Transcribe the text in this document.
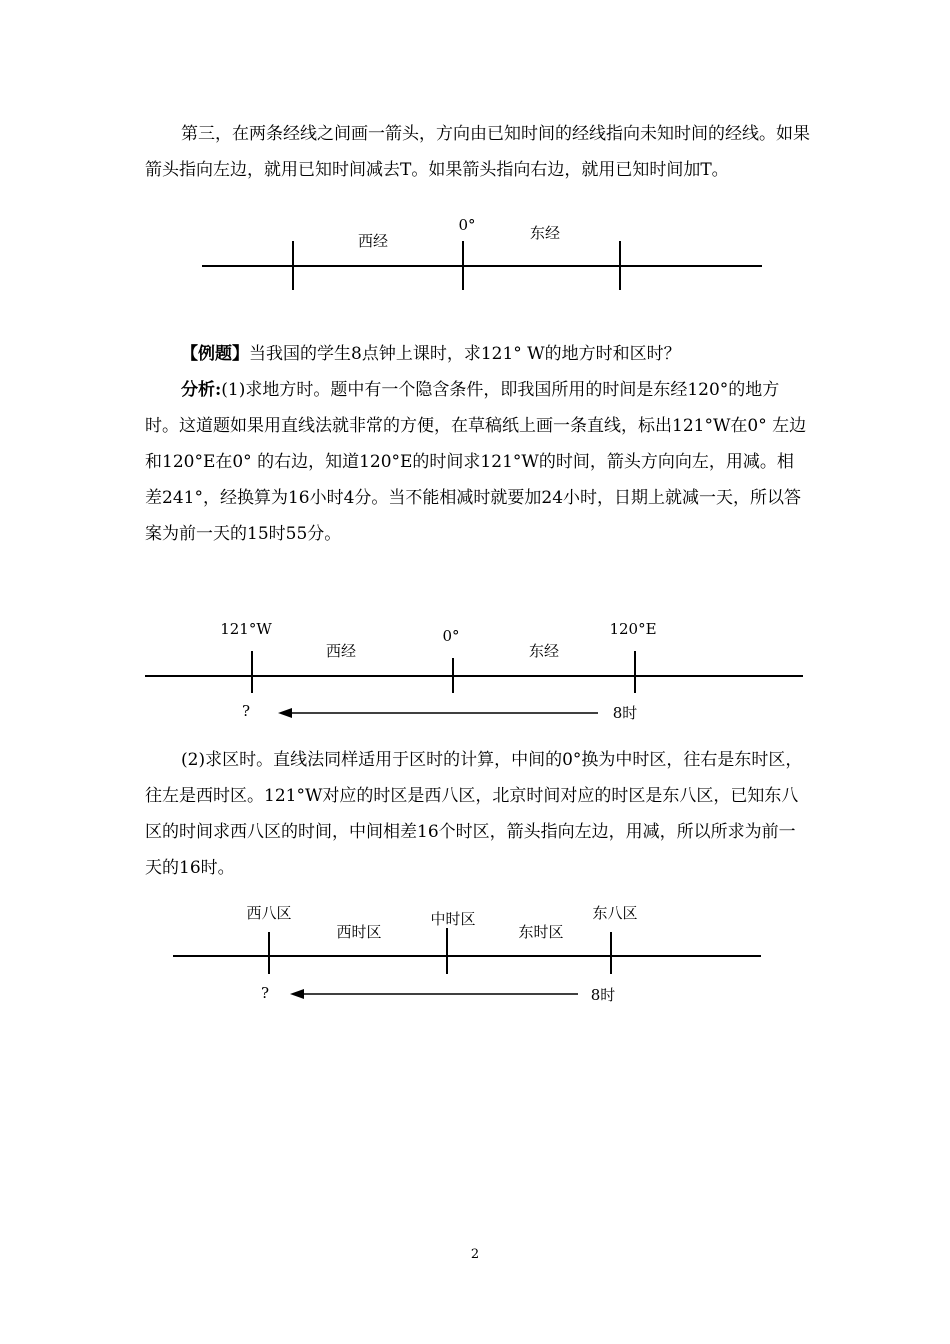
第三，在两条经线之间画一箭头，方向由已知时间的经线指向未知时间的经线。如果箭头指向左边，就用已知时间减去T。如果箭头指向右边，就用已知时间加T。

西经
0°	东经

【例题】当我国的学生8点钟上课时，求121° W的地方时和区时？

分析:(1)求地方时。题中有一个隐含条件，即我国所用的时间是东经120°的地方时。这道题如果用直线法就非常的方便，在草稿纸上画一条直线，标出121°W在0° 左边和120°E在0° 的右边，知道120°E的时间求121°W的时间，箭头方向向左，用减。相差241°，经换算为16小时4分。当不能相减时就要加24小时，日期上就减一天，所以答案为前一天的15时55分。

121°W
西经
0°
东经
120°E
?	8时

(2)求区时。直线法同样适用于区时的计算，中间的0°换为中时区，往右是东时区，往左是西时区。121°W对应的时区是西八区，北京时间对应的时区是东八区，已知东八区的时间求西八区的时间，中间相差16个时区，箭头指向左边，用减，所以所求为前一天的16时。

西八区
西时区
中时区
东时区
东八区
?	8时
2
